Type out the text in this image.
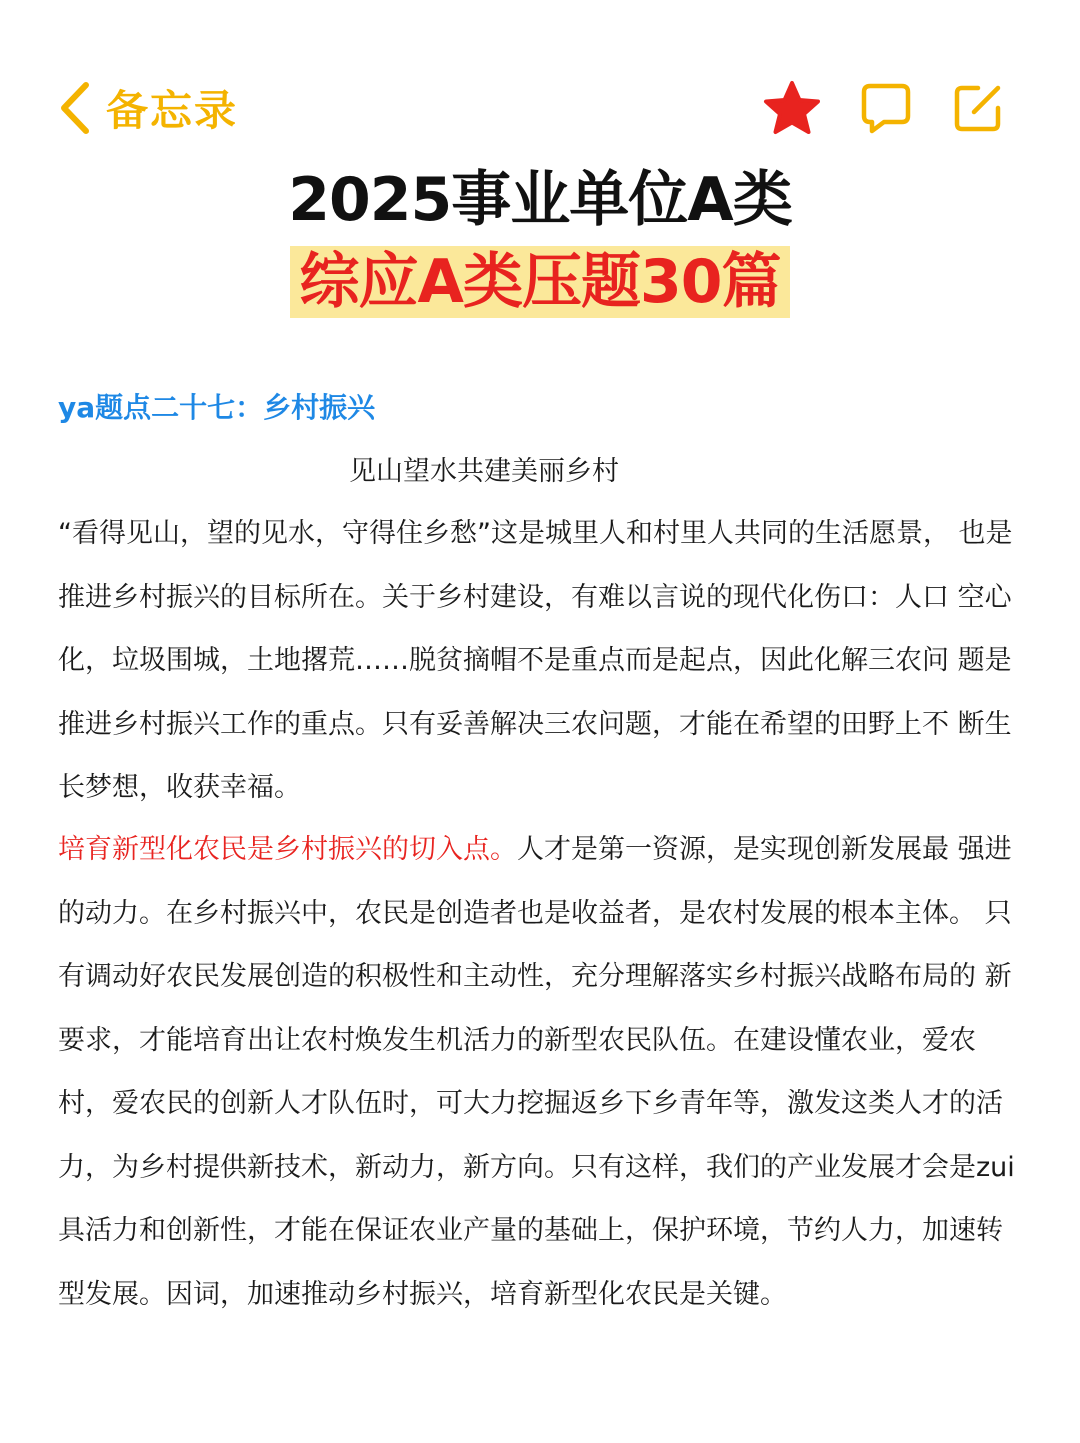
备忘录
2025事业单位A类
综应A类压题30篇
ya题点二十七：乡村振兴
见山望水共建美丽乡村

“看得见山，望的见水，守得住乡愁”这是城里人和村里人共同的生活愿景， 也是推进乡村振兴的目标所在。关于乡村建设，有难以言说的现代化伤口：人口 空心化，垃圾围城，土地撂荒……脱贫摘帽不是重点而是起点，因此化解三农问 题是推进乡村振兴工作的重点。只有妥善解决三农问题，才能在希望的田野上不 断生长梦想，收获幸福。

培育新型化农民是乡村振兴的切入点。人才是第一资源，是实现创新发展最 强进的动力。在乡村振兴中，农民是创造者也是收益者，是农村发展的根本主体。 只有调动好农民发展创造的积极性和主动性，充分理解落实乡村振兴战略布局的 新要求，才能培育出让农村焕发生机活力的新型农民队伍。在建设懂农业，爱农 村，爱农民的创新人才队伍时，可大力挖掘返乡下乡青年等，激发这类人才的活 力，为乡村提供新技术，新动力，新方向。只有这样，我们的产业发展才会是zui具活力和创新性，才能在保证农业产量的基础上，保护环境，节约人力，加速转 型发展。因词，加速推动乡村振兴，培育新型化农民是关键。
